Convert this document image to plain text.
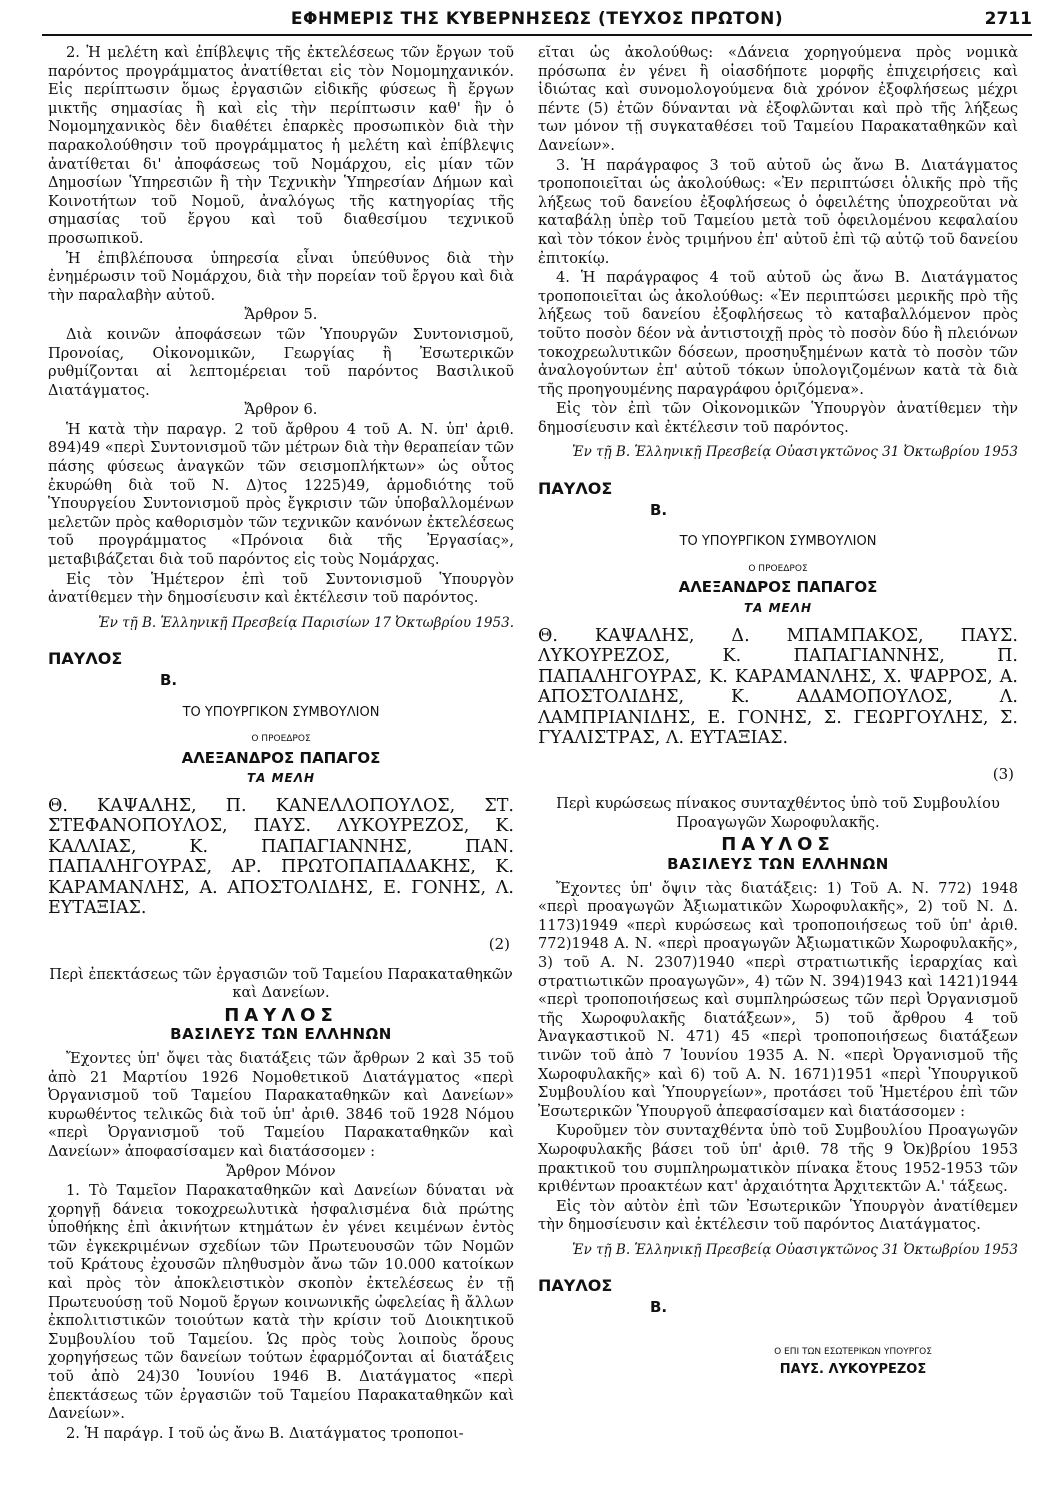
ΕΦΗΜΕΡΙΣ ΤΗΣ ΚΥΒΕΡΝΗΣΕΩΣ (ΤΕΥΧΟΣ ΠΡΩΤΟΝ)	2711

2. Ἡ μελέτη καὶ ἐπίβλεψις τῆς ἐκτελέσεως τῶν ἔργων τοῦ παρόντος προγράμματος ἀνατίθεται εἰς τὸν Νομομηχανικόν. Εἰς περίπτωσιν ὅμως ἐργασιῶν εἰδικῆς φύσεως ἢ ἔργων μικτῆς σημασίας ἢ καὶ εἰς τὴν περίπτωσιν καθ' ἣν ὁ Νομομηχανικὸς δὲν διαθέτει ἐπαρκὲς προσωπικὸν διὰ τὴν παρακολούθησιν τοῦ προγράμματος ἡ μελέτη καὶ ἐπίβλεψις ἀνατίθεται δι' ἀποφάσεως τοῦ Νομάρχου, εἰς μίαν τῶν Δημοσίων Ὑπηρεσιῶν ἢ τὴν Τεχνικὴν Ὑπηρεσίαν Δήμων καὶ Κοινοτήτων τοῦ Νομοῦ, ἀναλόγως τῆς κατηγορίας τῆς σημασίας τοῦ ἔργου καὶ τοῦ διαθεσίμου τεχνικοῦ προσωπικοῦ.

Ἡ ἐπιβλέπουσα ὑπηρεσία εἶναι ὑπεύθυνος διὰ τὴν ἐνημέρωσιν τοῦ Νομάρχου, διὰ τὴν πορείαν τοῦ ἔργου καὶ διὰ τὴν παραλαβὴν αὐτοῦ.

Ἄρθρον 5.

Διὰ κοινῶν ἀποφάσεων τῶν Ὑπουργῶν Συντονισμοῦ, Προνοίας, Οἰκονομικῶν, Γεωργίας ἢ Ἐσωτερικῶν ρυθμίζονται αἱ λεπτομέρειαι τοῦ παρόντος Βασιλικοῦ Διατάγματος.

Ἄρθρον 6.

Ἡ κατὰ τὴν παραγρ. 2 τοῦ ἄρθρου 4 τοῦ Α. Ν. ὑπ' ἀριθ. 894)49 «περὶ Συντονισμοῦ τῶν μέτρων διὰ τὴν θεραπείαν τῶν πάσης φύσεως ἀναγκῶν τῶν σεισμοπλήκτων» ὡς οὗτος ἐκυρώθη διὰ τοῦ Ν. Δ)τος 1225)49, ἁρμοδιότης τοῦ Ὑπουργείου Συντονισμοῦ πρὸς ἔγκρισιν τῶν ὑποβαλλομένων μελετῶν πρὸς καθορισμὸν τῶν τεχνικῶν κανόνων ἐκτελέσεως τοῦ προγράμματος «Πρόνοια διὰ τῆς Ἐργασίας», μεταβιβάζεται διὰ τοῦ παρόντος εἰς τοὺς Νομάρχας.

Εἰς τὸν Ἡμέτερον ἐπὶ τοῦ Συντονισμοῦ Ὑπουργὸν ἀνατίθεμεν τὴν δημοσίευσιν καὶ ἐκτέλεσιν τοῦ παρόντος.

Ἐν τῇ Β. Ἑλληνικῇ Πρεσβείᾳ Παρισίων 17 Ὀκτωβρίου 1953.

ΠΑΥΛΟΣ

Β.

ΤΟ ΥΠΟΥΡΓΙΚΟΝ ΣΥΜΒΟΥΛΙΟΝ

Ο ΠΡΟΕΔΡΟΣ

ΑΛΕΞΑΝΔΡΟΣ ΠΑΠΑΓΟΣ

ΤΑ ΜΕΛΗ

Θ. ΚΑΨΑΛΗΣ, Π. ΚΑΝΕΛΛΟΠΟΥΛΟΣ, ΣΤ. ΣΤΕΦΑΝΟΠΟΥΛΟΣ, ΠΑΥΣ. ΛΥΚΟΥΡΕΖΟΣ, Κ. ΚΑΛΛΙΑΣ, Κ. ΠΑΠΑΓΙΑΝΝΗΣ, ΠΑΝ. ΠΑΠΑΛΗΓΟΥΡΑΣ, ΑΡ. ΠΡΩΤΟΠΑΠΑΔΑΚΗΣ, Κ. ΚΑΡΑΜΑΝΛΗΣ, Α. ΑΠΟΣΤΟΛΙΔΗΣ, Ε. ΓΟΝΗΣ, Λ. ΕΥΤΑΞΙΑΣ.

(2)

Περὶ ἐπεκτάσεως τῶν ἐργασιῶν τοῦ Ταμείου Παρακαταθηκῶν καὶ Δανείων.

ΠΑΥΛΟΣ

ΒΑΣΙΛΕΥΣ ΤΩΝ ΕΛΛΗΝΩΝ

Ἔχοντες ὑπ' ὄψει τὰς διατάξεις τῶν ἄρθρων 2 καὶ 35 τοῦ ἀπὸ 21 Μαρτίου 1926 Νομοθετικοῦ Διατάγματος «περὶ Ὀργανισμοῦ τοῦ Ταμείου Παρακαταθηκῶν καὶ Δανείων» κυρωθέντος τελικῶς διὰ τοῦ ὑπ' ἀριθ. 3846 τοῦ 1928 Νόμου «περὶ Ὀργανισμοῦ τοῦ Ταμείου Παρακαταθηκῶν καὶ Δανείων» ἀποφασίσαμεν καὶ διατάσσομεν :

Ἄρθρον Μόνον

1. Τὸ Ταμεῖον Παρακαταθηκῶν καὶ Δανείων δύναται νὰ χορηγῇ δάνεια τοκοχρεωλυτικὰ ἠσφαλισμένα διὰ πρώτης ὑποθήκης ἐπὶ ἀκινήτων κτημάτων ἐν γένει κειμένων ἐντὸς τῶν ἐγκεκριμένων σχεδίων τῶν Πρωτευουσῶν τῶν Νομῶν τοῦ Κράτους ἐχουσῶν πληθυσμὸν ἄνω τῶν 10.000 κατοίκων καὶ πρὸς τὸν ἀποκλειστικὸν σκοπὸν ἐκτελέσεως ἐν τῇ Πρωτευούσῃ τοῦ Νομοῦ ἔργων κοινωνικῆς ὠφελείας ἢ ἄλλων ἐκπολιτιστικῶν τοιούτων κατὰ τὴν κρίσιν τοῦ Διοικητικοῦ Συμβουλίου τοῦ Ταμείου. Ὡς πρὸς τοὺς λοιποὺς ὅρους χορηγήσεως τῶν δανείων τούτων ἐφαρμόζονται αἱ διατάξεις τοῦ ἀπὸ 24)30 Ἰουνίου 1946 Β. Διατάγματος «περὶ ἐπεκτάσεως τῶν ἐργασιῶν τοῦ Ταμείου Παρακαταθηκῶν καὶ Δανείων».

2. Ἡ παράγρ. Ι τοῦ ὡς ἄνω Β. Διατάγματος τροποποι-

εῖται ὡς ἀκολούθως: «Δάνεια χορηγούμενα πρὸς νομικὰ πρόσωπα ἐν γένει ἢ οἱασδήποτε μορφῆς ἐπιχειρήσεις καὶ ἰδιώτας καὶ συνομολογούμενα διὰ χρόνον ἐξοφλήσεως μέχρι πέντε (5) ἐτῶν δύνανται νὰ ἐξοφλῶνται καὶ πρὸ τῆς λήξεως των μόνον τῇ συγκαταθέσει τοῦ Ταμείου Παρακαταθηκῶν καὶ Δανείων».

3. Ἡ παράγραφος 3 τοῦ αὐτοῦ ὡς ἄνω Β. Διατάγματος τροποποιεῖται ὡς ἀκολούθως: «Ἐν περιπτώσει ὁλικῆς πρὸ τῆς λήξεως τοῦ δανείου ἐξοφλήσεως ὁ ὀφειλέτης ὑποχρεοῦται νὰ καταβάλῃ ὑπὲρ τοῦ Ταμείου μετὰ τοῦ ὀφειλομένου κεφαλαίου καὶ τὸν τόκον ἑνὸς τριμήνου ἐπ' αὐτοῦ ἐπὶ τῷ αὐτῷ τοῦ δανείου ἐπιτοκίῳ.

4. Ἡ παράγραφος 4 τοῦ αὐτοῦ ὡς ἄνω Β. Διατάγματος τροποποιεῖται ὡς ἀκολούθως: «Ἐν περιπτώσει μερικῆς πρὸ τῆς λήξεως τοῦ δανείου ἐξοφλήσεως τὸ καταβαλλόμενον πρὸς τοῦτο ποσὸν δέον νὰ ἀντιστοιχῇ πρὸς τὸ ποσὸν δύο ἢ πλειόνων τοκοχρεωλυτικῶν δόσεων, προσηυξημένων κατὰ τὸ ποσὸν τῶν ἀναλογούντων ἐπ' αὐτοῦ τόκων ὑπολογιζομένων κατὰ τὰ διὰ τῆς προηγουμένης παραγράφου ὁριζόμενα».

Εἰς τὸν ἐπὶ τῶν Οἰκονομικῶν Ὑπουργὸν ἀνατίθεμεν τὴν δημοσίευσιν καὶ ἐκτέλεσιν τοῦ παρόντος.

Ἐν τῇ Β. Ἑλληνικῇ Πρεσβείᾳ Οὐασιγκτῶνος 31 Ὀκτωβρίου 1953

ΠΑΥΛΟΣ

Β.

ΤΟ ΥΠΟΥΡΓΙΚΟΝ ΣΥΜΒΟΥΛΙΟΝ

Ο ΠΡΟΕΔΡΟΣ

ΑΛΕΞΑΝΔΡΟΣ ΠΑΠΑΓΟΣ

ΤΑ ΜΕΛΗ

Θ. ΚΑΨΑΛΗΣ, Δ. ΜΠΑΜΠΑΚΟΣ, ΠΑΥΣ. ΛΥΚΟΥΡΕΖΟΣ, Κ. ΠΑΠΑΓΙΑΝΝΗΣ, Π. ΠΑΠΑΛΗΓΟΥΡΑΣ, Κ. ΚΑΡΑΜΑΝΛΗΣ, Χ. ΨΑΡΡΟΣ, Α. ΑΠΟΣΤΟΛΙΔΗΣ, Κ. ΑΔΑΜΟΠΟΥΛΟΣ, Λ. ΛΑΜΠΡΙΑΝΙΔΗΣ, Ε. ΓΟΝΗΣ, Σ. ΓΕΩΡΓΟΥΛΗΣ, Σ. ΓΥΑΛΙΣΤΡΑΣ, Λ. ΕΥΤΑΞΙΑΣ.

(3)

Περὶ κυρώσεως πίνακος συνταχθέντος ὑπὸ τοῦ Συμβουλίου Προαγωγῶν Χωροφυλακῆς.

ΠΑΥΛΟΣ

ΒΑΣΙΛΕΥΣ ΤΩΝ ΕΛΛΗΝΩΝ

Ἔχοντες ὑπ' ὄψιν τὰς διατάξεις: 1) Τοῦ Α. Ν. 772) 1948 «περὶ προαγωγῶν Ἀξιωματικῶν Χωροφυλακῆς», 2) τοῦ Ν. Δ. 1173)1949 «περὶ κυρώσεως καὶ τροποποιήσεως τοῦ ὑπ' ἀριθ. 772)1948 Α. Ν. «περὶ προαγωγῶν Ἀξιωματικῶν Χωροφυλακῆς», 3) τοῦ Α. Ν. 2307)1940 «περὶ στρατιωτικῆς ἱεραρχίας καὶ στρατιωτικῶν προαγωγῶν», 4) τῶν Ν. 394)1943 καὶ 1421)1944 «περὶ τροποποιήσεως καὶ συμπληρώσεως τῶν περὶ Ὀργανισμοῦ τῆς Χωροφυλακῆς διατάξεων», 5) τοῦ ἄρθρου 4 τοῦ Ἀναγκαστικοῦ Ν. 471) 45 «περὶ τροποποιήσεως διατάξεων τινῶν τοῦ ἀπὸ 7 Ἰουνίου 1935 Α. Ν. «περὶ Ὀργανισμοῦ τῆς Χωροφυλακῆς» καὶ 6) τοῦ Α. Ν. 1671)1951 «περὶ Ὑπουργικοῦ Συμβουλίου καὶ Ὑπουργείων», προτάσει τοῦ Ἡμετέρου ἐπὶ τῶν Ἐσωτερικῶν Ὑπουργοῦ ἀπεφασίσαμεν καὶ διατάσσομεν :

Κυροῦμεν τὸν συνταχθέντα ὑπὸ τοῦ Συμβουλίου Προαγωγῶν Χωροφυλακῆς βάσει τοῦ ὑπ' ἀριθ. 78 τῆς 9 Ὀκ)βρίου 1953 πρακτικοῦ του συμπληρωματικὸν πίνακα ἔτους 1952-1953 τῶν κριθέντων προακτέων κατ' ἀρχαιότητα Ἀρχιτεκτῶν Α.' τάξεως.

Εἰς τὸν αὐτὸν ἐπὶ τῶν Ἐσωτερικῶν Ὑπουργὸν ἀνατίθεμεν τὴν δημοσίευσιν καὶ ἐκτέλεσιν τοῦ παρόντος Διατάγματος.

Ἐν τῇ Β. Ἑλληνικῇ Πρεσβείᾳ Οὐασιγκτῶνος 31 Ὀκτωβρίου 1953

ΠΑΥΛΟΣ

Β.

Ο ΕΠΙ ΤΩΝ ΕΣΩΤΕΡΙΚΩΝ ΥΠΟΥΡΓΟΣ

ΠΑΥΣ. ΛΥΚΟΥΡΕΖΟΣ
